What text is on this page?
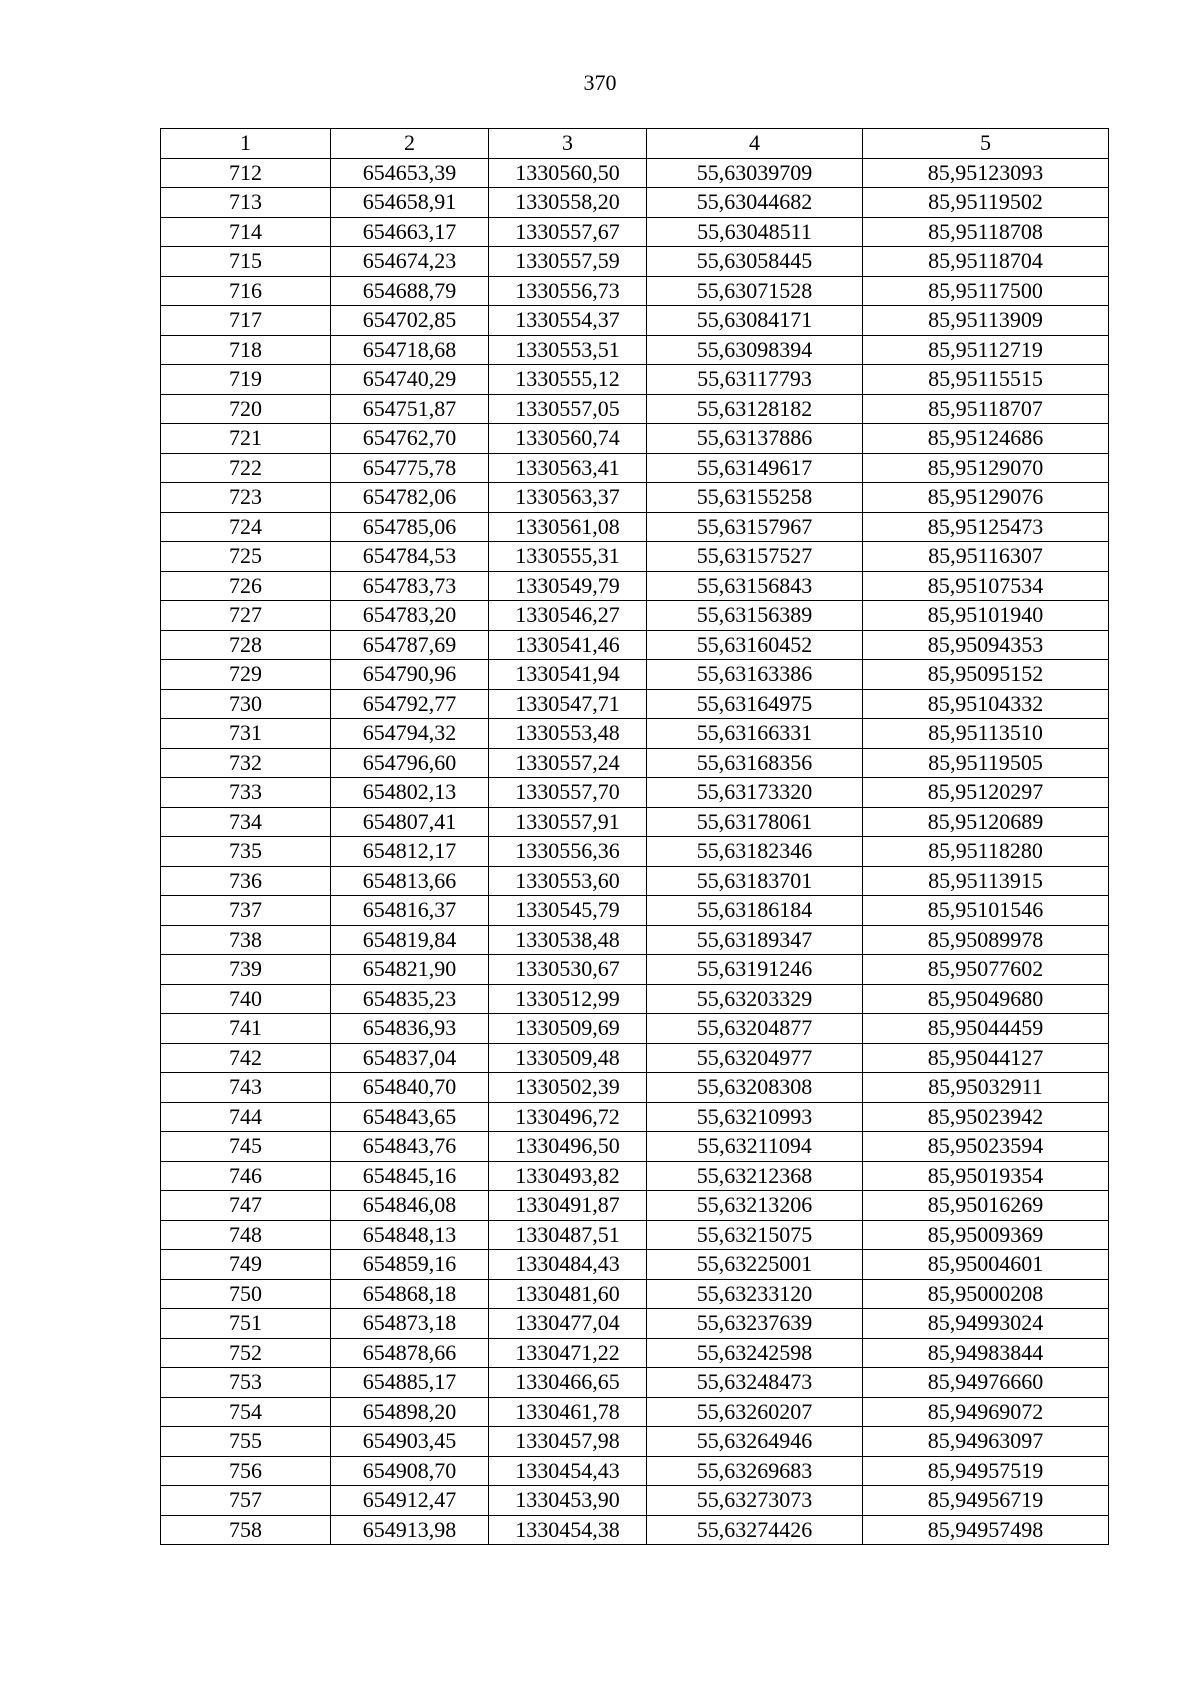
370
1	2	3	4	5
712	654653,39	1330560,50	55,63039709	85,95123093
713	654658,91	1330558,20	55,63044682	85,95119502
714	654663,17	1330557,67	55,63048511	85,95118708
715	654674,23	1330557,59	55,63058445	85,95118704
716	654688,79	1330556,73	55,63071528	85,95117500
717	654702,85	1330554,37	55,63084171	85,95113909
718	654718,68	1330553,51	55,63098394	85,95112719
719	654740,29	1330555,12	55,63117793	85,95115515
720	654751,87	1330557,05	55,63128182	85,95118707
721	654762,70	1330560,74	55,63137886	85,95124686
722	654775,78	1330563,41	55,63149617	85,95129070
723	654782,06	1330563,37	55,63155258	85,95129076
724	654785,06	1330561,08	55,63157967	85,95125473
725	654784,53	1330555,31	55,63157527	85,95116307
726	654783,73	1330549,79	55,63156843	85,95107534
727	654783,20	1330546,27	55,63156389	85,95101940
728	654787,69	1330541,46	55,63160452	85,95094353
729	654790,96	1330541,94	55,63163386	85,95095152
730	654792,77	1330547,71	55,63164975	85,95104332
731	654794,32	1330553,48	55,63166331	85,95113510
732	654796,60	1330557,24	55,63168356	85,95119505
733	654802,13	1330557,70	55,63173320	85,95120297
734	654807,41	1330557,91	55,63178061	85,95120689
735	654812,17	1330556,36	55,63182346	85,95118280
736	654813,66	1330553,60	55,63183701	85,95113915
737	654816,37	1330545,79	55,63186184	85,95101546
738	654819,84	1330538,48	55,63189347	85,95089978
739	654821,90	1330530,67	55,63191246	85,95077602
740	654835,23	1330512,99	55,63203329	85,95049680
741	654836,93	1330509,69	55,63204877	85,95044459
742	654837,04	1330509,48	55,63204977	85,95044127
743	654840,70	1330502,39	55,63208308	85,95032911
744	654843,65	1330496,72	55,63210993	85,95023942
745	654843,76	1330496,50	55,63211094	85,95023594
746	654845,16	1330493,82	55,63212368	85,95019354
747	654846,08	1330491,87	55,63213206	85,95016269
748	654848,13	1330487,51	55,63215075	85,95009369
749	654859,16	1330484,43	55,63225001	85,95004601
750	654868,18	1330481,60	55,63233120	85,95000208
751	654873,18	1330477,04	55,63237639	85,94993024
752	654878,66	1330471,22	55,63242598	85,94983844
753	654885,17	1330466,65	55,63248473	85,94976660
754	654898,20	1330461,78	55,63260207	85,94969072
755	654903,45	1330457,98	55,63264946	85,94963097
756	654908,70	1330454,43	55,63269683	85,94957519
757	654912,47	1330453,90	55,63273073	85,94956719
758	654913,98	1330454,38	55,63274426	85,94957498
